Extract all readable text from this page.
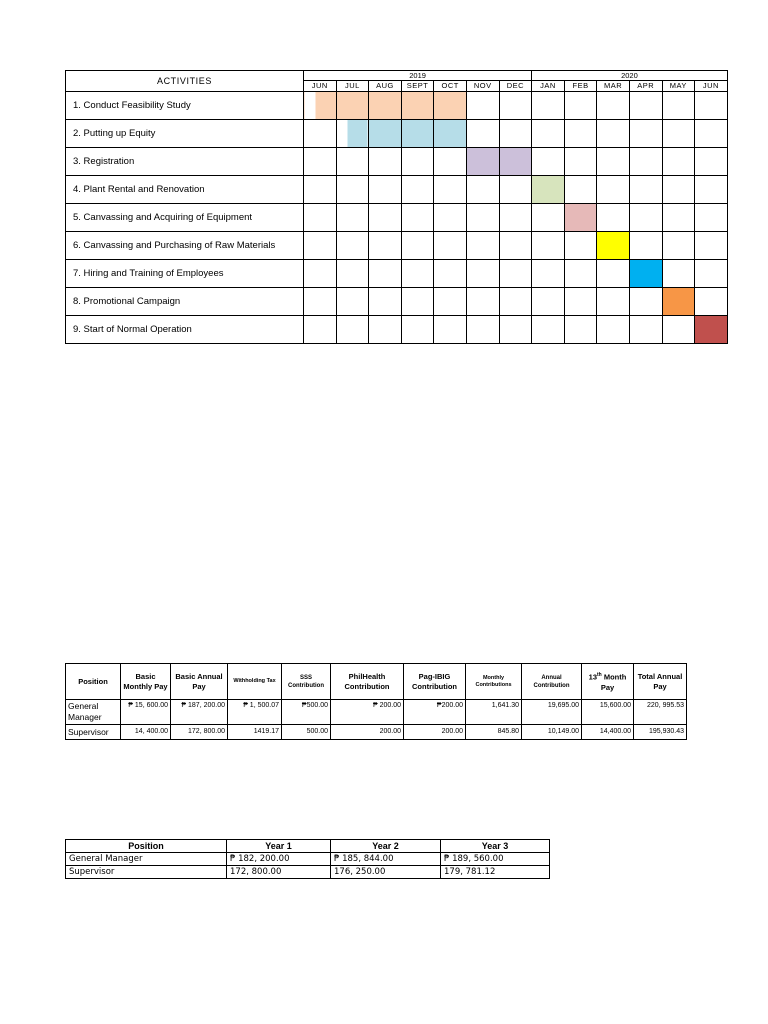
ACTIVITIES	2019							2020					
	JUN	JUL	AUG	SEPT	OCT	NOV	DEC	JAN	FEB	MAR	APR	MAY	JUN
1. Conduct Feasibility Study													
2. Putting up Equity													
3. Registration													
4. Plant Rental and Renovation													
5. Canvassing and Acquiring of Equipment													
6. Canvassing and Purchasing of Raw Materials													
7. Hiring and Training of Employees													
8. Promotional Campaign													
9. Start of Normal Operation													
Position	Basic Monthly Pay	Basic Annual Pay	Withholding Tax	SSS Contribution	PhilHealth Contribution	Pag-IBIG Contribution	Monthly Contributions	Annual Contribution	13th Month Pay	Total Annual Pay
General Manager	₱ 15, 600.00	₱ 187, 200.00	₱ 1, 500.07	₱500.00	₱ 200.00	₱200.00	1,641.30	19,695.00	15,600.00	220, 995.53
Supervisor	14, 400.00	172, 800.00	1419.17	500.00	200.00	200.00	845.80	10,149.00	14,400.00	195,930.43
Position	Year 1	Year 2	Year 3
General Manager	₱ 182, 200.00	₱ 185, 844.00	₱ 189, 560.00
Supervisor	172, 800.00	176, 250.00	179, 781.12
